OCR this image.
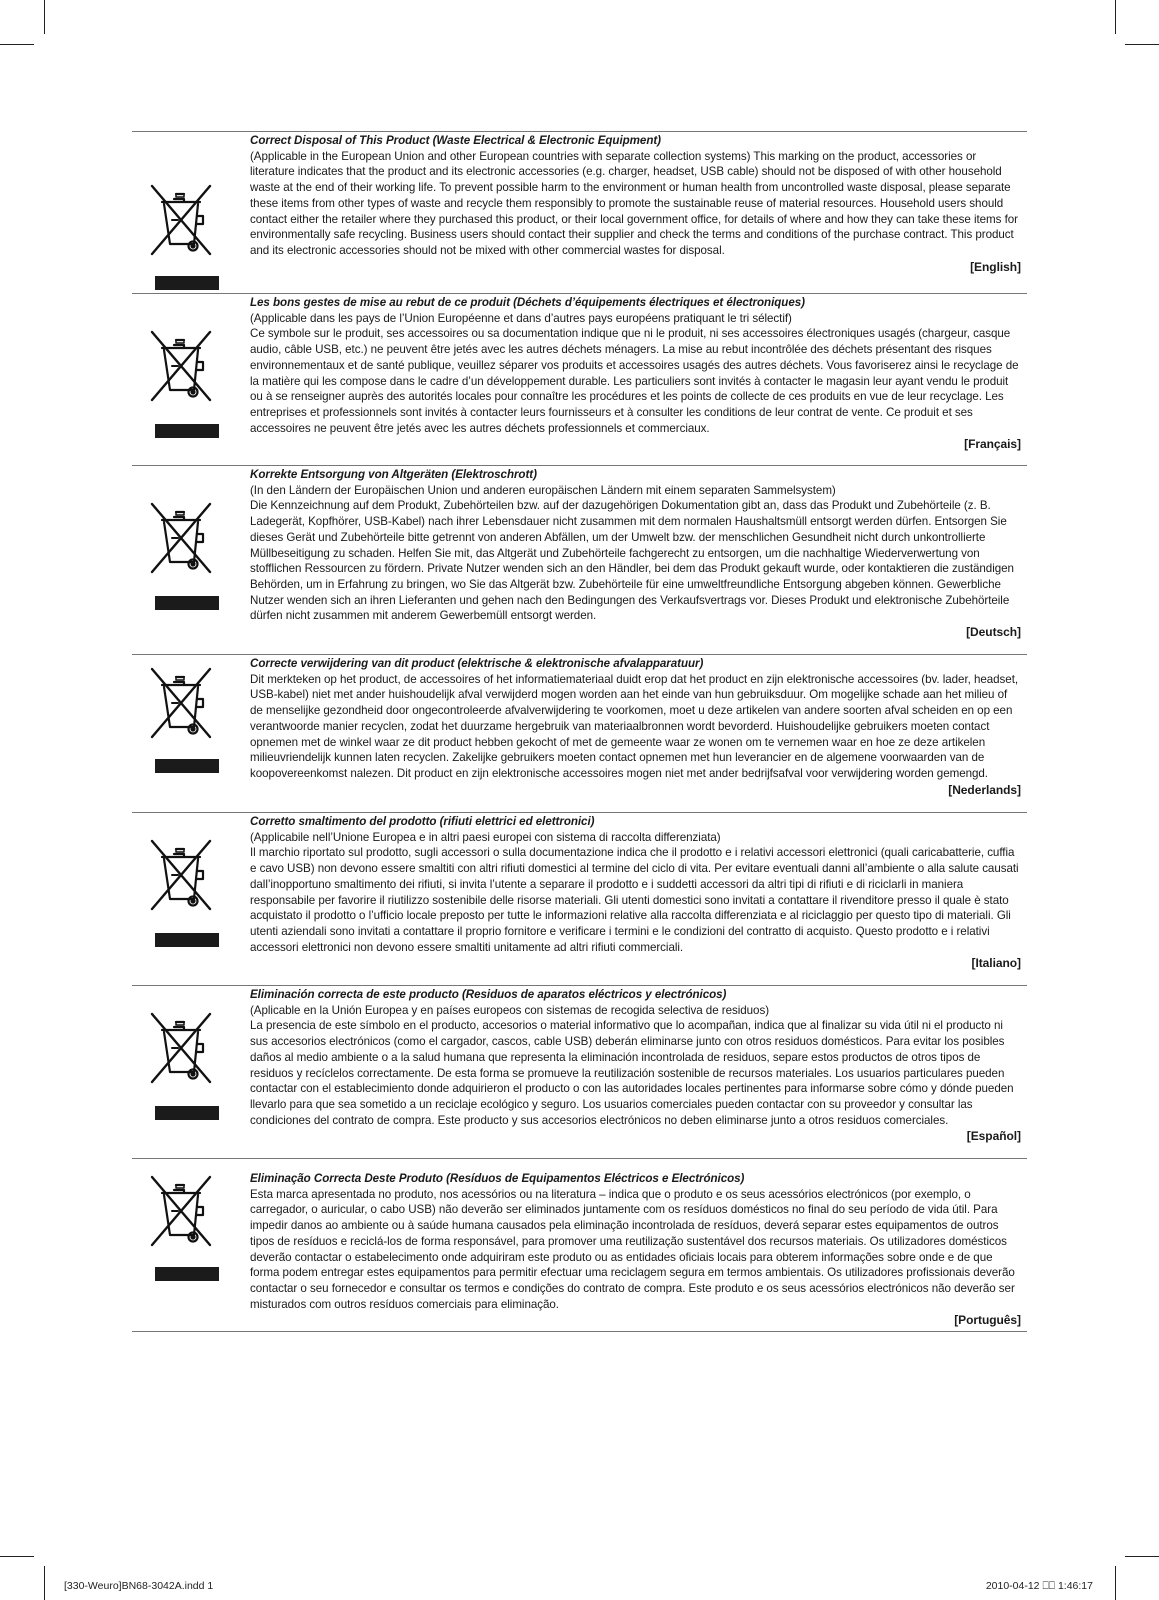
Correct Disposal of This Product (Waste Electrical & Electronic Equipment)
(Applicable in the European Union and other European countries with separate collection systems) This marking on the product, accessories or literature indicates that the product and its electronic accessories (e.g. charger, headset, USB cable) should not be disposed of with other household waste at the end of their working life. To prevent possible harm to the environment or human health from uncontrolled waste disposal, please separate these items from other types of waste and recycle them responsibly to promote the sustainable reuse of material resources. Household users should contact either the retailer where they purchased this product, or their local government office, for details of where and how they can take these items for environmentally safe recycling. Business users should contact their supplier and check the terms and conditions of the purchase contract. This product and its electronic accessories should not be mixed with other commercial wastes for disposal.
[English]
Les bons gestes de mise au rebut de ce produit (Déchets d’équipements électriques et électroniques)
(Applicable dans les pays de l’Union Européenne et dans d’autres pays européens pratiquant le tri sélectif)
Ce symbole sur le produit, ses accessoires ou sa documentation indique que ni le produit, ni ses accessoires électroniques usagés (chargeur, casque audio, câble USB, etc.) ne peuvent être jetés avec les autres déchets ménagers. La mise au rebut incontrôlée des déchets présentant des risques environnementaux et de santé publique, veuillez séparer vos produits et accessoires usagés des autres déchets. Vous favoriserez ainsi le recyclage de la matière qui les compose dans le cadre d’un développement durable. Les particuliers sont invités à contacter le magasin leur ayant vendu le produit ou à se renseigner auprès des autorités locales pour connaître les procédures et les points de collecte de ces produits en vue de leur recyclage. Les entreprises et professionnels sont invités à contacter leurs fournisseurs et à consulter les conditions de leur contrat de vente. Ce produit et ses accessoires ne peuvent être jetés avec les autres déchets professionnels et commerciaux.
[Français]
Korrekte Entsorgung von Altgeräten (Elektroschrott)
(In den Ländern der Europäischen Union und anderen europäischen Ländern mit einem separaten Sammelsystem)
Die Kennzeichnung auf dem Produkt, Zubehörteilen bzw. auf der dazugehörigen Dokumentation gibt an, dass das Produkt und Zubehörteile (z. B. Ladegerät, Kopfhörer, USB-Kabel) nach ihrer Lebensdauer nicht zusammen mit dem normalen Haushaltsmüll entsorgt werden dürfen. Entsorgen Sie dieses Gerät und Zubehörteile bitte getrennt von anderen Abfällen, um der Umwelt bzw. der menschlichen Gesundheit nicht durch unkontrollierte Müllbeseitigung zu schaden. Helfen Sie mit, das Altgerät und Zubehörteile fachgerecht zu entsorgen, um die nachhaltige Wiederverwertung von stofflichen Ressourcen zu fördern. Private Nutzer wenden sich an den Händler, bei dem das Produkt gekauft wurde, oder kontaktieren die zuständigen Behörden, um in Erfahrung zu bringen, wo Sie das Altgerät bzw. Zubehörteile für eine umweltfreundliche Entsorgung abgeben können. Gewerbliche Nutzer wenden sich an ihren Lieferanten und gehen nach den Bedingungen des Verkaufsvertrags vor. Dieses Produkt und elektronische Zubehörteile dürfen nicht zusammen mit anderem Gewerbemüll entsorgt werden.
[Deutsch]
Correcte verwijdering van dit product (elektrische & elektronische afvalapparatuur)
Dit merkteken op het product, de accessoires of het informatiemateriaal duidt erop dat het product en zijn elektronische accessoires (bv. lader, headset, USB-kabel) niet met ander huishoudelijk afval verwijderd mogen worden aan het einde van hun gebruiksduur. Om mogelijke schade aan het milieu of de menselijke gezondheid door ongecontroleerde afvalverwijdering te voorkomen, moet u deze artikelen van andere soorten afval scheiden en op een verantwoorde manier recyclen, zodat het duurzame hergebruik van materiaalbronnen wordt bevorderd. Huishoudelijke gebruikers moeten contact opnemen met de winkel waar ze dit product hebben gekocht of met de gemeente waar ze wonen om te vernemen waar en hoe ze deze artikelen milieuvriendelijk kunnen laten recyclen. Zakelijke gebruikers moeten contact opnemen met hun leverancier en de algemene voorwaarden van de koopovereenkomst nalezen. Dit product en zijn elektronische accessoires mogen niet met ander bedrijfsafval voor verwijdering worden gemengd.
[Nederlands]
Corretto smaltimento del prodotto (rifiuti elettrici ed elettronici)
(Applicabile nell’Unione Europea e in altri paesi europei con sistema di raccolta differenziata)
Il marchio riportato sul prodotto, sugli accessori o sulla documentazione indica che il prodotto e i relativi accessori elettronici (quali caricabatterie, cuffia e cavo USB) non devono essere smaltiti con altri rifiuti domestici al termine del ciclo di vita. Per evitare eventuali danni all’ambiente o alla salute causati dall’inopportuno smaltimento dei rifiuti, si invita l’utente a separare il prodotto e i suddetti accessori da altri tipi di rifiuti e di riciclarli in maniera responsabile per favorire il riutilizzo sostenibile delle risorse materiali. Gli utenti domestici sono invitati a contattare il rivenditore presso il quale è stato acquistato il prodotto o l’ufficio locale preposto per tutte le informazioni relative alla raccolta differenziata e al riciclaggio per questo tipo di materiali. Gli utenti aziendali sono invitati a contattare il proprio fornitore e verificare i termini e le condizioni del contratto di acquisto. Questo prodotto e i relativi accessori elettronici non devono essere smaltiti unitamente ad altri rifiuti commerciali.
[Italiano]
Eliminación correcta de este producto (Residuos de aparatos eléctricos y electrónicos)
(Aplicable en la Unión Europea y en países europeos con sistemas de recogida selectiva de residuos)
La presencia de este símbolo en el producto, accesorios o material informativo que lo acompañan, indica que al finalizar su vida útil ni el producto ni sus accesorios electrónicos (como el cargador, cascos, cable USB) deberán eliminarse junto con otros residuos domésticos. Para evitar los posibles daños al medio ambiente o a la salud humana que representa la eliminación incontrolada de residuos, separe estos productos de otros tipos de residuos y recíclelos correctamente. De esta forma se promueve la reutilización sostenible de recursos materiales. Los usuarios particulares pueden contactar con el establecimiento donde adquirieron el producto o con las autoridades locales pertinentes para informarse sobre cómo y dónde pueden llevarlo para que sea sometido a un reciclaje ecológico y seguro. Los usuarios comerciales pueden contactar con su proveedor y consultar las condiciones del contrato de compra. Este producto y sus accesorios electrónicos no deben eliminarse junto a otros residuos comerciales.
[Español]
Eliminação Correcta Deste Produto (Resíduos de Equipamentos Eléctricos e Electrónicos)
Esta marca apresentada no produto, nos acessórios ou na literatura – indica que o produto e os seus acessórios electrónicos (por exemplo, o carregador, o auricular, o cabo USB) não deverão ser eliminados juntamente com os resíduos domésticos no final do seu período de vida útil. Para impedir danos ao ambiente ou à saúde humana causados pela eliminação incontrolada de resíduos, deverá separar estes equipamentos de outros tipos de resíduos e reciclá-los de forma responsável, para promover uma reutilização sustentável dos recursos materiais. Os utilizadores domésticos deverão contactar o estabelecimento onde adquiriram este produto ou as entidades oficiais locais para obterem informações sobre onde e de que forma podem entregar estes equipamentos para permitir efectuar uma reciclagem segura em termos ambientais. Os utilizadores profissionais deverão contactar o seu fornecedor e consultar os termos e condições do contrato de compra. Este produto e os seus acessórios electrónicos não deverão ser misturados com outros resíduos comerciais para eliminação.
[Português]
[330-Weuro]BN68-3042A.indd 1	2010-04-12 ⎕⎕ 1:46:17
